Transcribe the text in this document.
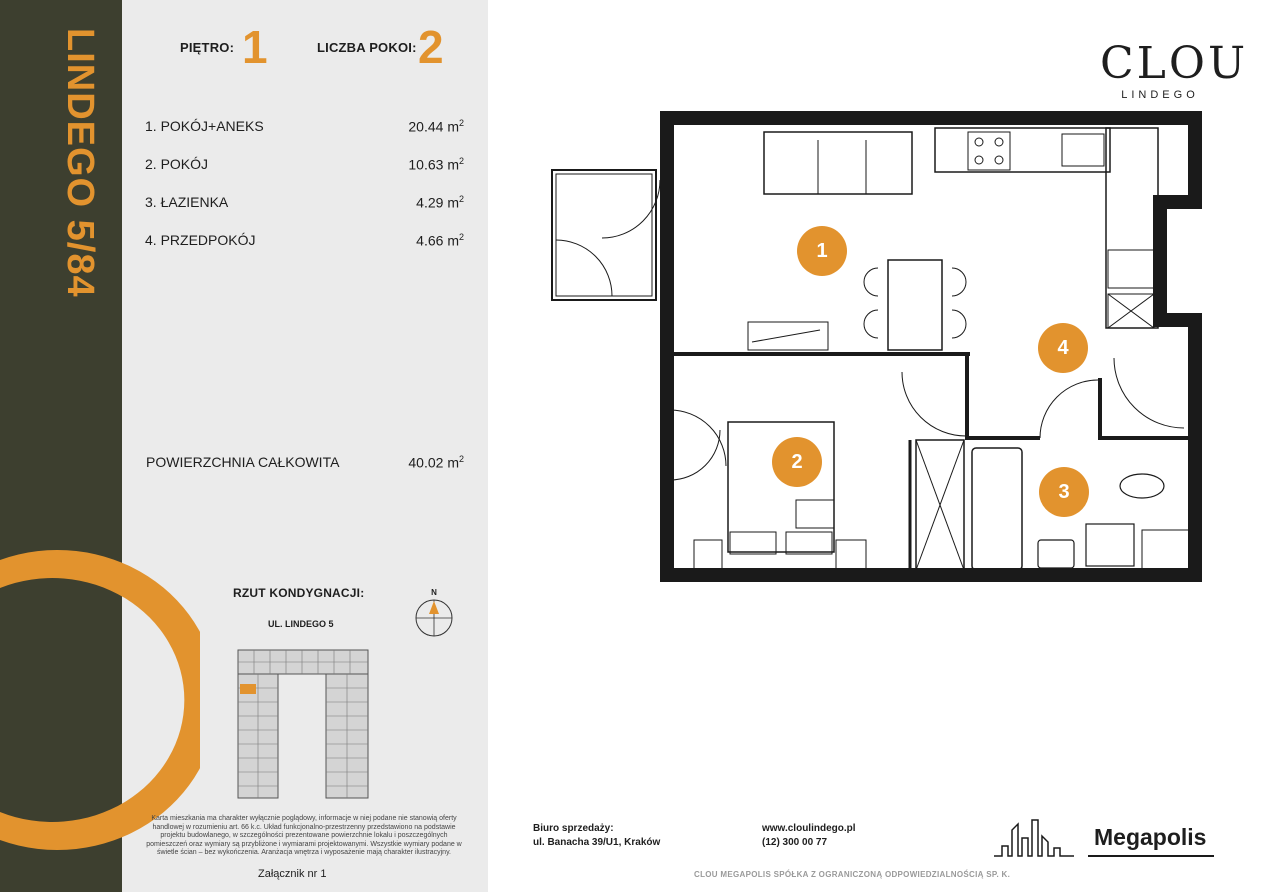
LINDEGO 5/84	PIĘTRO: 1	LICZBA POKOI: 2
1. POKÓJ+ANEKS	20.44 $m^2$
2. POKÓJ	10.63 $m^2$
3. ŁAZIENKA	4.29 $m^2$
4. PRZEDPOKÓJ	4.66 $m^2$
POWIERZCHNIA CAŁKOWITA	40.02 $m^2$
RZUT KONDYGNACJI:
UL. LINDEGO 5
N
Karta mieszkania ma charakter wyłącznie poglądowy, informacje w niej podane nie stanowią oferty handlowej w rozumieniu art. 66 k.c. Układ funkcjonalno-przestrzenny przedstawiono na podstawie projektu budowlanego, w szczególności prezentowane powierzchnie lokalu i poszczególnych pomieszczeń oraz wymiary są przybliżone i wymiarami projektowanymi. Wszystkie wymiary podane w świetle ścian – bez wykończenia. Aranżacja wnętrza i wyposażenie mają charakter ilustracyjny.
Załącznik nr 1
CLOU
LINDEGO
1
2
3
4
Biuro sprzedaży:
ul. Banacha 39/U1, Kraków
www.cloulindego.pl
(12) 300 00 77	Megapolis
CLOU MEGAPOLIS SPÓŁKA Z OGRANICZONĄ ODPOWIEDZIALNOŚCIĄ SP. K.
